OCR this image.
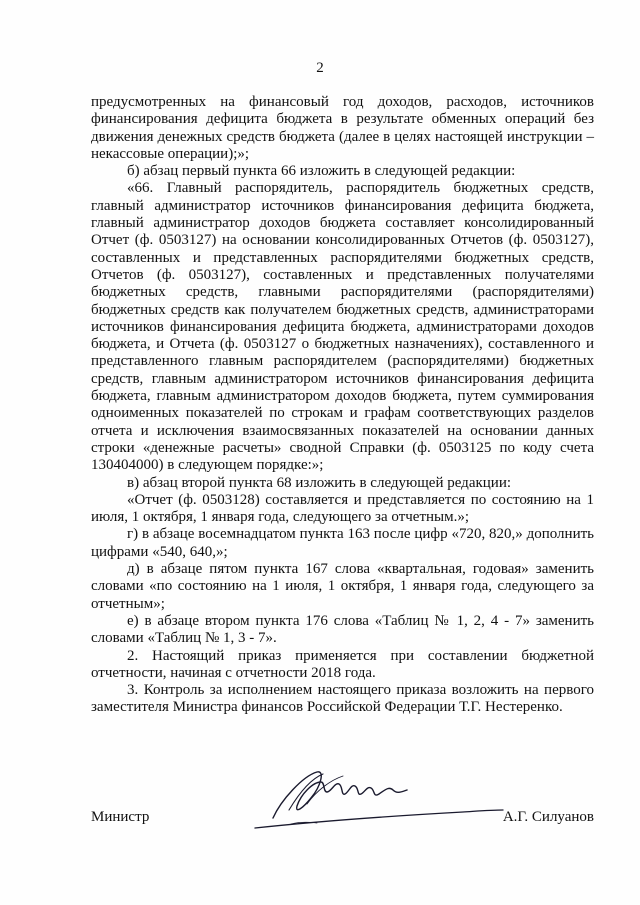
2

предусмотренных на финансовый год доходов, расходов, источников финансирования дефицита бюджета в результате обменных операций без движения денежных средств бюджета (далее в целях настоящей инструкции – некассовые операции);»;

б) абзац первый пункта 66 изложить в следующей редакции:

«66. Главный распорядитель, распорядитель бюджетных средств, главный администратор источников финансирования дефицита бюджета, главный администратор доходов бюджета составляет консолидированный Отчет (ф. 0503127) на основании консолидированных Отчетов (ф. 0503127), составленных и представленных распорядителями бюджетных средств, Отчетов (ф. 0503127), составленных и представленных получателями бюджетных средств, главными распорядителями (распорядителями) бюджетных средств как получателем бюджетных средств, администраторами источников финансирования дефицита бюджета, администраторами доходов бюджета, и Отчета (ф. 0503127 о бюджетных назначениях), составленного и представленного главным распорядителем (распорядителями) бюджетных средств, главным администратором источников финансирования дефицита бюджета, главным администратором доходов бюджета, путем суммирования одноименных показателей по строкам и графам соответствующих разделов отчета и исключения взаимосвязанных показателей на основании данных строки «денежные расчеты» сводной Справки (ф. 0503125 по коду счета 130404000) в следующем порядке:»;

в) абзац второй пункта 68 изложить в следующей редакции:

«Отчет (ф. 0503128) составляется и представляется по состоянию на 1 июля, 1 октября, 1 января года, следующего за отчетным.»;

г) в абзаце восемнадцатом пункта 163 после цифр «720, 820,» дополнить цифрами «540, 640,»;

д) в абзаце пятом пункта 167 слова «квартальная, годовая» заменить словами «по состоянию на 1 июля, 1 октября, 1 января года, следующего за отчетным»;

е) в абзаце втором пункта 176 слова «Таблиц № 1, 2, 4 - 7» заменить словами «Таблиц № 1, 3 - 7».

2. Настоящий приказ применяется при составлении бюджетной отчетности, начиная с отчетности 2018 года.

3. Контроль за исполнением настоящего приказа возложить на первого заместителя Министра финансов Российской Федерации Т.Г. Нестеренко.

Министр	А.Г. Силуанов
